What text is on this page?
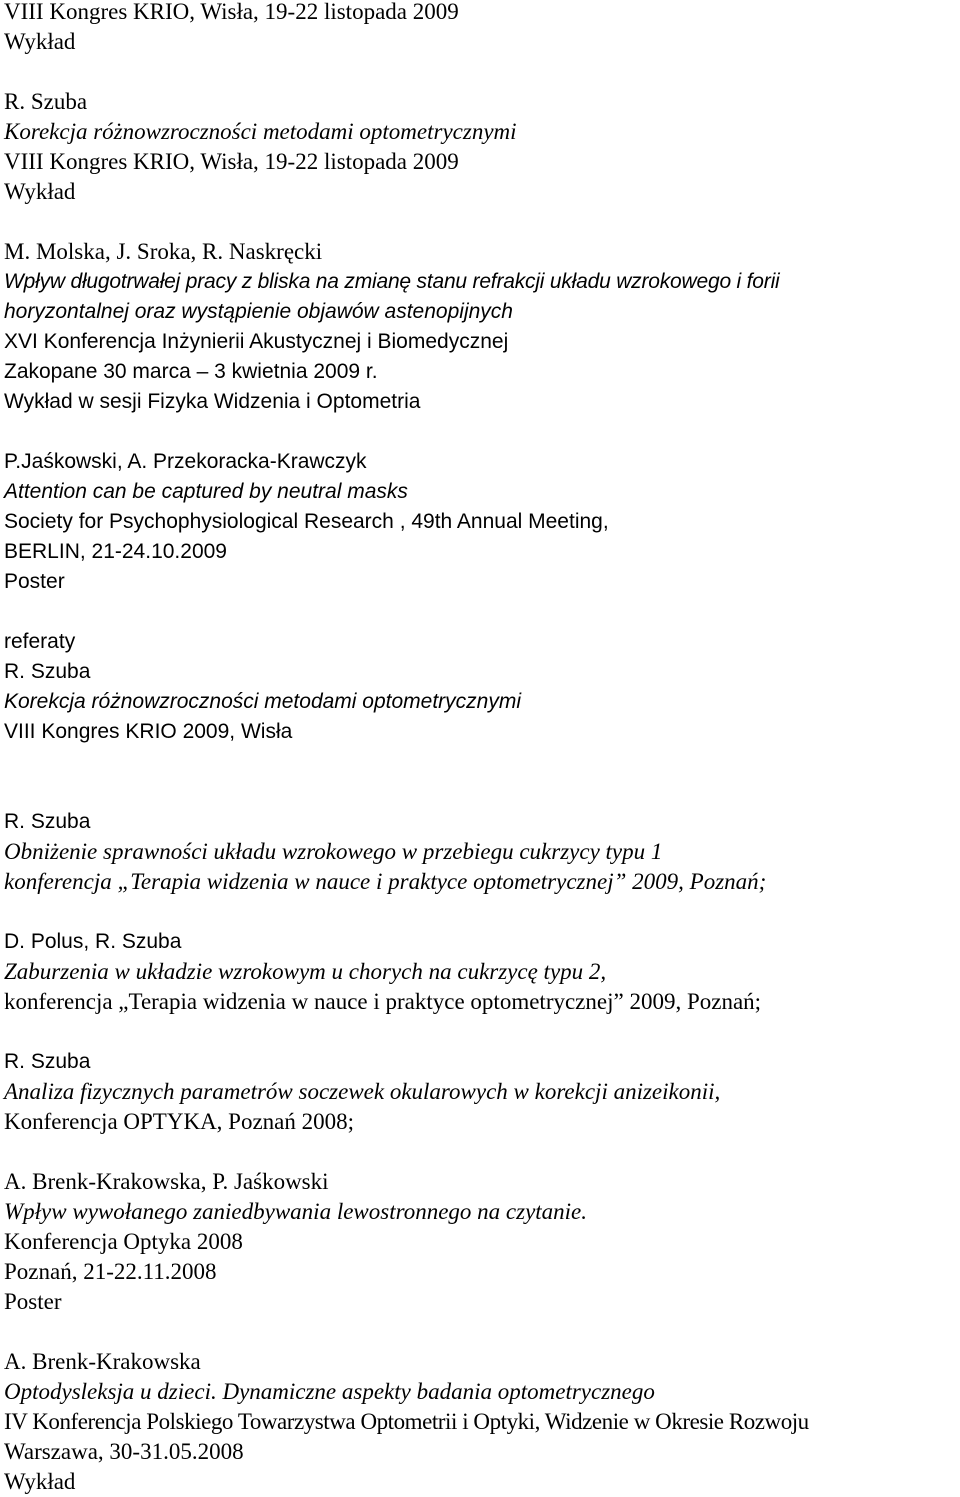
VIII Kongres KRIO, Wisła, 19-22 listopada 2009
Wykład
R. Szuba
Korekcja różnowzroczności metodami optometrycznymi
VIII Kongres KRIO, Wisła, 19-22 listopada 2009
Wykład
M. Molska, J. Sroka, R. Naskręcki
Wpływ długotrwałej pracy z bliska na zmianę stanu refrakcji układu wzrokowego i forii
horyzontalnej oraz wystąpienie objawów astenopijnych
XVI Konferencja Inżynierii Akustycznej i Biomedycznej
Zakopane 30 marca – 3 kwietnia 2009 r.
Wykład w sesji Fizyka Widzenia i Optometria
P.Jaśkowski, A. Przekoracka-Krawczyk
Attention can be captured by neutral masks
Society for Psychophysiological Research , 49th Annual Meeting,
BERLIN, 21-24.10.2009
Poster
referaty
R. Szuba
Korekcja różnowzroczności metodami optometrycznymi
VIII Kongres KRIO 2009, Wisła
R. Szuba
Obniżenie sprawności układu wzrokowego w przebiegu cukrzycy typu 1
konferencja „Terapia widzenia w nauce i praktyce optometrycznej” 2009, Poznań;
D. Polus, R. Szuba
Zaburzenia w układzie wzrokowym u chorych na cukrzycę typu 2,
konferencja „Terapia widzenia w nauce i praktyce optometrycznej” 2009, Poznań;
R. Szuba
Analiza fizycznych parametrów soczewek okularowych w korekcji anizeikonii,
Konferencja OPTYKA, Poznań 2008;
A. Brenk-Krakowska, P. Jaśkowski
Wpływ wywołanego zaniedbywania lewostronnego na czytanie.
Konferencja Optyka 2008
Poznań, 21-22.11.2008
Poster
A. Brenk-Krakowska
Optodysleksja u dzieci. Dynamiczne aspekty badania optometrycznego
IV Konferencja Polskiego Towarzystwa Optometrii i Optyki, Widzenie w Okresie Rozwoju
Warszawa, 30-31.05.2008
Wykład
